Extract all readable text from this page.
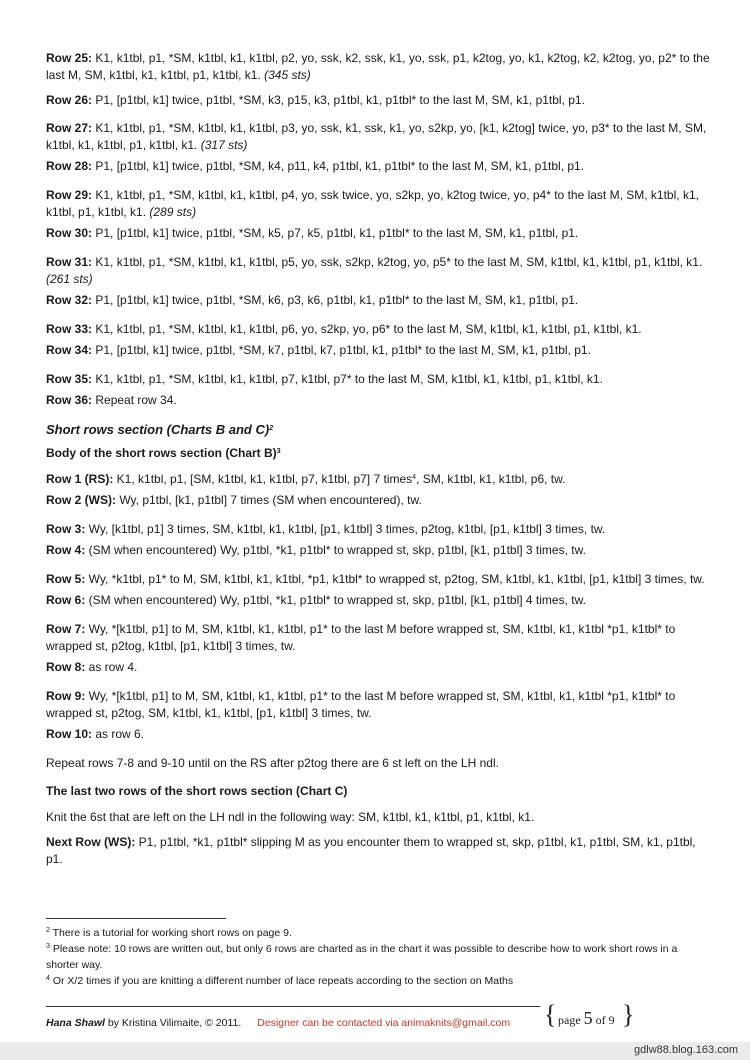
Row 25: K1, k1tbl, p1, *SM, k1tbl, k1, k1tbl, p2, yo, ssk, k2, ssk, k1, yo, ssk, p1, k2tog, yo, k1, k2tog, k2, k2tog, yo, p2* to the last M, SM, k1tbl, k1, k1tbl, p1, k1tbl, k1. (345 sts)

Row 26: P1, [p1tbl, k1] twice, p1tbl, *SM, k3, p15, k3, p1tbl, k1, p1tbl* to the last M, SM, k1, p1tbl, p1.

Row 27: K1, k1tbl, p1, *SM, k1tbl, k1, k1tbl, p3, yo, ssk, k1, ssk, k1, yo, s2kp, yo, [k1, k2tog] twice, yo, p3* to the last M, SM, k1tbl, k1, k1tbl, p1, k1tbl, k1. (317 sts)

Row 28: P1, [p1tbl, k1] twice, p1tbl, *SM, k4, p11, k4, p1tbl, k1, p1tbl* to the last M, SM, k1, p1tbl, p1.

Row 29: K1, k1tbl, p1, *SM, k1tbl, k1, k1tbl, p4, yo, ssk twice, yo, s2kp, yo, k2tog twice, yo, p4* to the last M, SM, k1tbl, k1, k1tbl, p1, k1tbl, k1. (289 sts)

Row 30: P1, [p1tbl, k1] twice, p1tbl, *SM, k5, p7, k5, p1tbl, k1, p1tbl* to the last M, SM, k1, p1tbl, p1.

Row 31: K1, k1tbl, p1, *SM, k1tbl, k1, k1tbl, p5, yo, ssk, s2kp, k2tog, yo, p5* to the last M, SM, k1tbl, k1, k1tbl, p1, k1tbl, k1. (261 sts)

Row 32: P1, [p1tbl, k1] twice, p1tbl, *SM, k6, p3, k6, p1tbl, k1, p1tbl* to the last M, SM, k1, p1tbl, p1.

Row 33: K1, k1tbl, p1, *SM, k1tbl, k1, k1tbl, p6, yo, s2kp, yo, p6* to the last M, SM, k1tbl, k1, k1tbl, p1, k1tbl, k1.

Row 34: P1, [p1tbl, k1] twice, p1tbl, *SM, k7, p1tbl, k7, p1tbl, k1, p1tbl* to the last M, SM, k1, p1tbl, p1.

Row 35: K1, k1tbl, p1, *SM, k1tbl, k1, k1tbl, p7, k1tbl, p7* to the last M, SM, k1tbl, k1, k1tbl, p1, k1tbl, k1.

Row 36: Repeat row 34.

Short rows section (Charts B and C)$^2$
Body of the short rows section (Chart B)$^3$

Row 1 (RS): K1, k1tbl, p1, [SM, k1tbl, k1, k1tbl, p7, k1tbl, p7] 7 times$^4$, SM, k1tbl, k1, k1tbl, p6, tw.

Row 2 (WS): Wy, p1tbl, [k1, p1tbl] 7 times (SM when encountered), tw.

Row 3: Wy, [k1tbl, p1] 3 times, SM, k1tbl, k1, k1tbl, [p1, k1tbl] 3 times, p2tog, k1tbl, [p1, k1tbl] 3 times, tw.

Row 4: (SM when encountered) Wy, p1tbl, *k1, p1tbl* to wrapped st, skp, p1tbl, [k1, p1tbl] 3 times, tw.

Row 5: Wy, *k1tbl, p1* to M, SM, k1tbl, k1, k1tbl, *p1, k1tbl* to wrapped st, p2tog, SM, k1tbl, k1, k1tbl, [p1, k1tbl] 3 times, tw.

Row 6: (SM when encountered) Wy, p1tbl, *k1, p1tbl* to wrapped st, skp, p1tbl, [k1, p1tbl] 4 times, tw.

Row 7: Wy, *[k1tbl, p1] to M, SM, k1tbl, k1, k1tbl, p1* to the last M before wrapped st, SM, k1tbl, k1, k1tbl *p1, k1tbl* to wrapped st, p2tog, k1tbl, [p1, k1tbl] 3 times, tw.

Row 8: as row 4.

Row 9: Wy, *[k1tbl, p1] to M, SM, k1tbl, k1, k1tbl, p1* to the last M before wrapped st, SM, k1tbl, k1, k1tbl *p1, k1tbl* to wrapped st, p2tog, SM, k1tbl, k1, k1tbl, [p1, k1tbl] 3 times, tw.

Row 10: as row 6.

Repeat rows 7-8 and 9-10 until on the RS after p2tog there are 6 st left on the LH ndl.

The last two rows of the short rows section (Chart C)

Knit the 6st that are left on the LH ndl in the following way: SM, k1tbl, k1, k1tbl, p1, k1tbl, k1.

Next Row (WS): P1, p1tbl, *k1, p1tbl* slipping M as you encounter them to wrapped st, skp, p1tbl, k1, p1tbl, SM, k1, p1tbl, p1.

$^2$ There is a tutorial for working short rows on page 9.
$^3$ Please note: 10 rows are written out, but only 6 rows are charted as in the chart it was possible to describe how to work short rows in a shorter way.
$^4$ Or X/2 times if you are knitting a different number of lace repeats according to the section on Maths
Hana Shawl by Kristina Vilimaite, © 2011. Designer can be contacted via animaknits@gmail.com { page 5 of 9 }
gdlw88.blog.163.com
